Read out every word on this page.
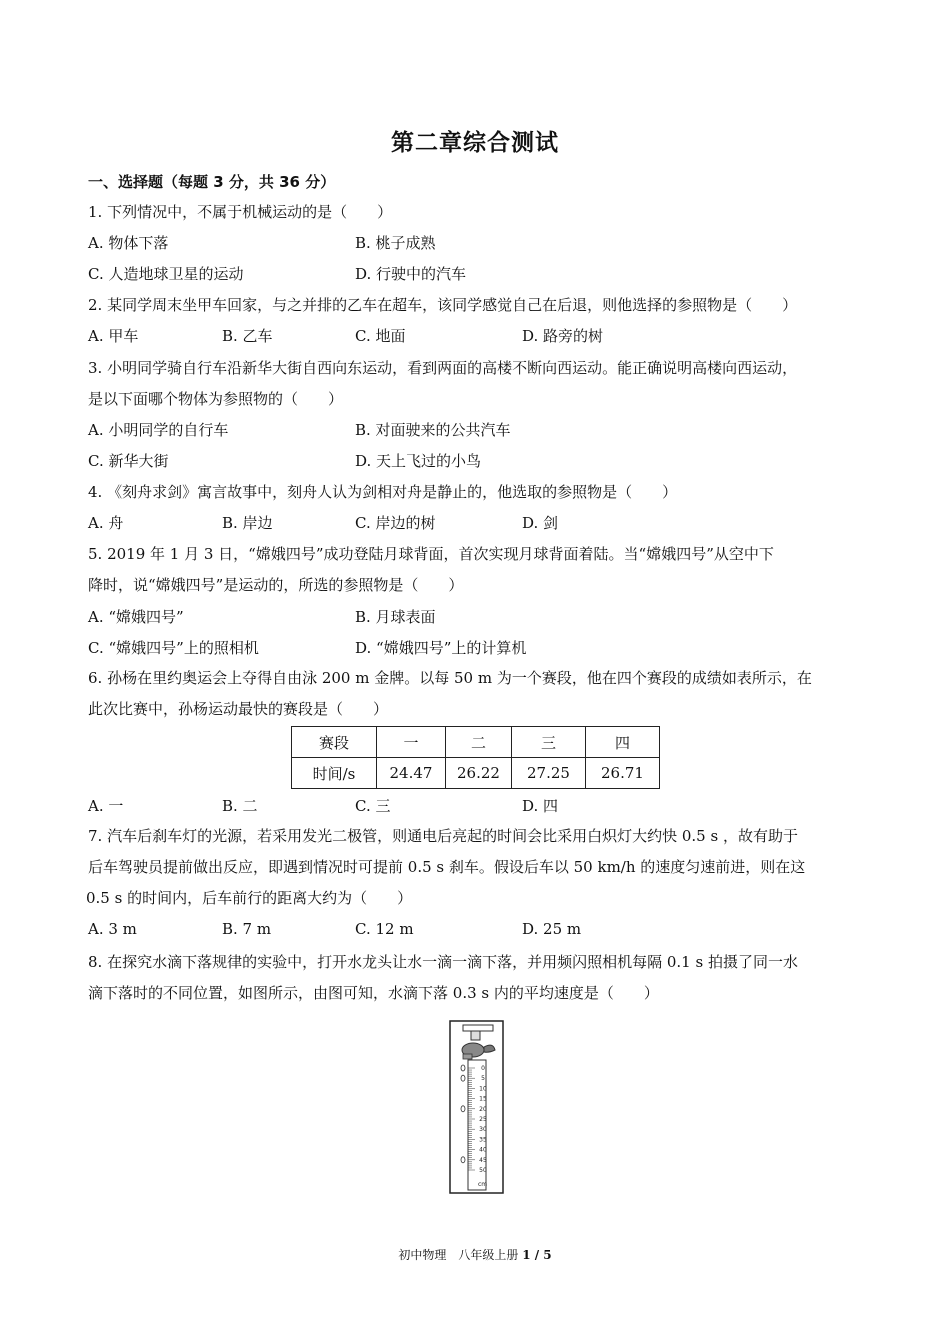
第二章综合测试
一、选择题（每题 3 分，共 36 分）
1. 下列情况中，不属于机械运动的是（　　）
A. 物体下落	B. 桃子成熟
C. 人造地球卫星的运动	D. 行驶中的汽车
2. 某同学周末坐甲车回家，与之并排的乙车在超车，该同学感觉自己在后退，则他选择的参照物是（　　）
A. 甲车	B. 乙车	C. 地面	D. 路旁的树
3. 小明同学骑自行车沿新华大街自西向东运动，看到两面的高楼不断向西运动。能正确说明高楼向西运动，
是以下面哪个物体为参照物的（　　）
A. 小明同学的自行车	B. 对面驶来的公共汽车
C. 新华大街	D. 天上飞过的小鸟
4. 《刻舟求剑》寓言故事中，刻舟人认为剑相对舟是静止的，他选取的参照物是（　　）
A. 舟	B. 岸边	C. 岸边的树	D. 剑
5. 2019 年 1 月 3 日，“嫦娥四号”成功登陆月球背面，首次实现月球背面着陆。当“嫦娥四号”从空中下
降时，说“嫦娥四号”是运动的，所选的参照物是（　　）
A. “嫦娥四号”	B. 月球表面
C. “嫦娥四号”上的照相机	D. “嫦娥四号”上的计算机
6. 孙杨在里约奥运会上夺得自由泳 200 m 金牌。以每 50 m 为一个赛段，他在四个赛段的成绩如表所示，在
此次比赛中，孙杨运动最快的赛段是（　　）
赛段	一	二	三	四
时间/s	24.47	26.22	27.25	26.71
A. 一	B. 二	C. 三	D. 四
7. 汽车后刹车灯的光源，若采用发光二极管，则通电后亮起的时间会比采用白炽灯大约快 0.5 s ，故有助于
后车驾驶员提前做出反应，即遇到情况时可提前 0.5 s 刹车。假设后车以 50 km/h 的速度匀速前进，则在这
0.5 s 的时间内，后车前行的距离大约为（　　）
A. 3 m	B. 7 m	C. 12 m	D. 25 m
8. 在探究水滴下落规律的实验中，打开水龙头让水一滴一滴下落，并用频闪照相机每隔 0.1 s 拍摄了同一水
滴下落时的不同位置，如图所示，由图可知，水滴下落 0.3 s 内的平均速度是（　　）
0
5
10
15
20
25
30
35
40
45
50
cm
初中物理　八年级上册 1 / 5
